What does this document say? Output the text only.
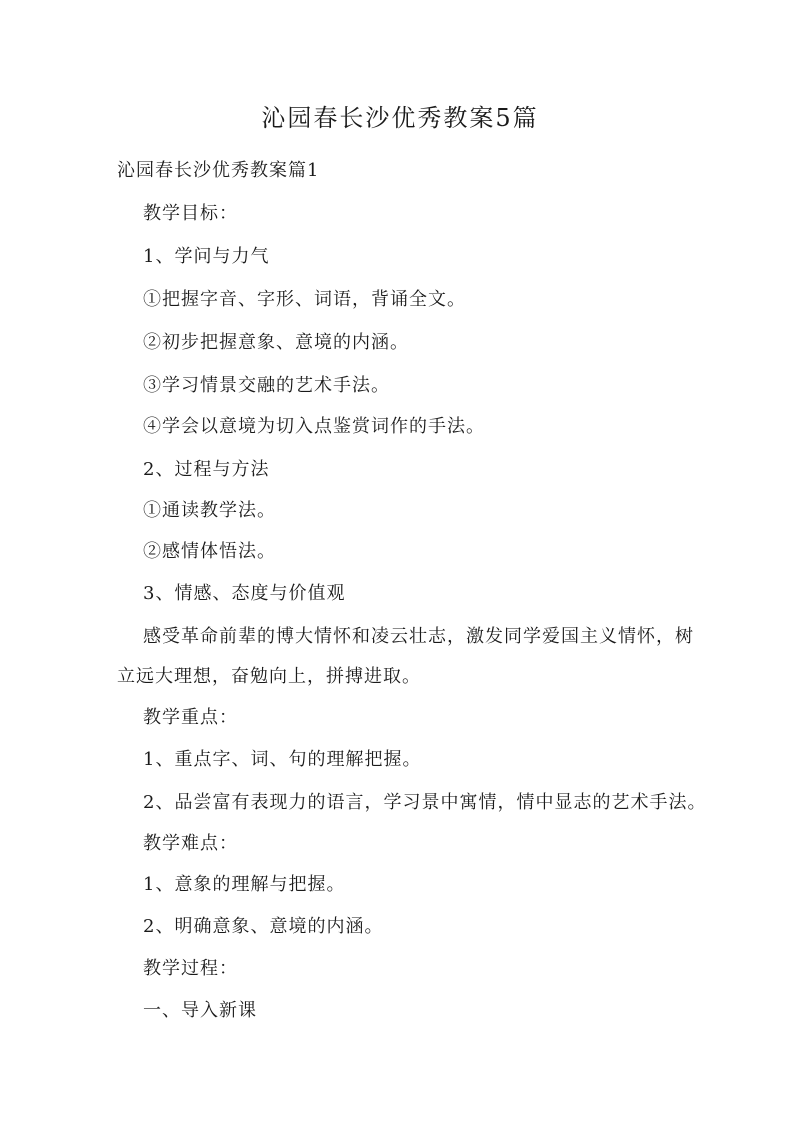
沁园春长沙优秀教案5篇

沁园春长沙优秀教案篇1

教学目标：

1、学问与力气

①把握字音、字形、词语，背诵全文。

②初步把握意象、意境的内涵。

③学习情景交融的艺术手法。

④学会以意境为切入点鉴赏词作的手法。

2、过程与方法

①通读教学法。

②感情体悟法。

3、情感、态度与价值观

感受革命前辈的博大情怀和凌云壮志，激发同学爱国主义情怀，树

立远大理想，奋勉向上，拼搏进取。

教学重点：

1、重点字、词、句的理解把握。

2、品尝富有表现力的语言，学习景中寓情，情中显志的艺术手法。

教学难点：

1、意象的理解与把握。

2、明确意象、意境的内涵。

教学过程：

一、导入新课
